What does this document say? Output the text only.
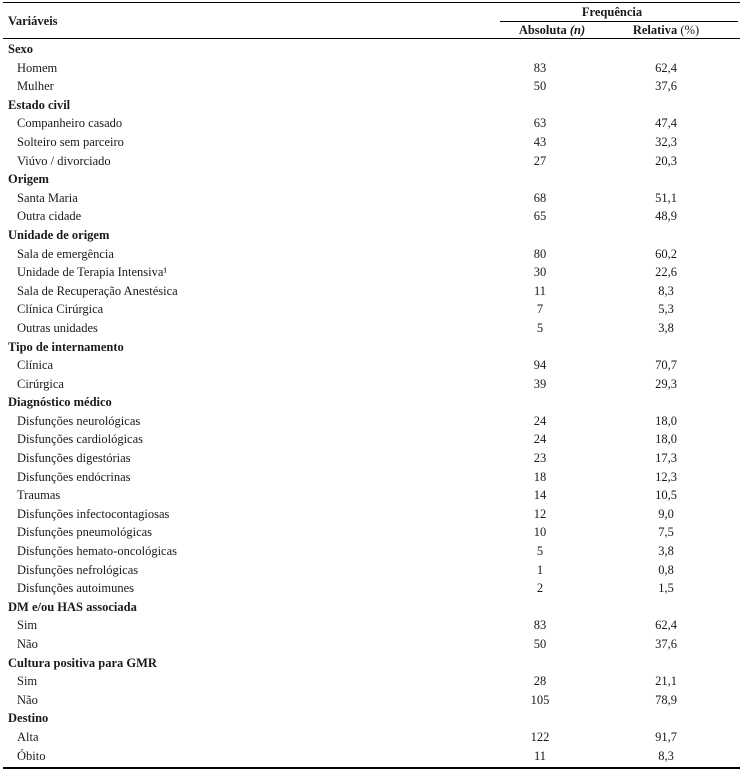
Variáveis
Frequência
Absoluta (n)	Relativa (%)
Sexo
Homem	83	62,4
Mulher	50	37,6
Estado civil
Companheiro casado	63	47,4
Solteiro sem parceiro	43	32,3
Viúvo / divorciado	27	20,3
Origem
Santa Maria	68	51,1
Outra cidade	65	48,9
Unidade de origem
Sala de emergência	80	60,2
Unidade de Terapia Intensiva¹	30	22,6
Sala de Recuperação Anestésica	11	8,3
Clínica Cirúrgica	7	5,3
Outras unidades	5	3,8
Tipo de internamento
Clínica	94	70,7
Cirúrgica	39	29,3
Diagnóstico médico
Disfunções neurológicas	24	18,0
Disfunções cardiológicas	24	18,0
Disfunções digestórias	23	17,3
Disfunções endócrinas	18	12,3
Traumas	14	10,5
Disfunções infectocontagiosas	12	9,0
Disfunções pneumológicas	10	7,5
Disfunções hemato-oncológicas	5	3,8
Disfunções nefrológicas	1	0,8
Disfunções autoimunes	2	1,5
DM e/ou HAS associada
Sim	83	62,4
Não	50	37,6
Cultura positiva para GMR
Sim	28	21,1
Não	105	78,9
Destino
Alta	122	91,7
Óbito	11	8,3
